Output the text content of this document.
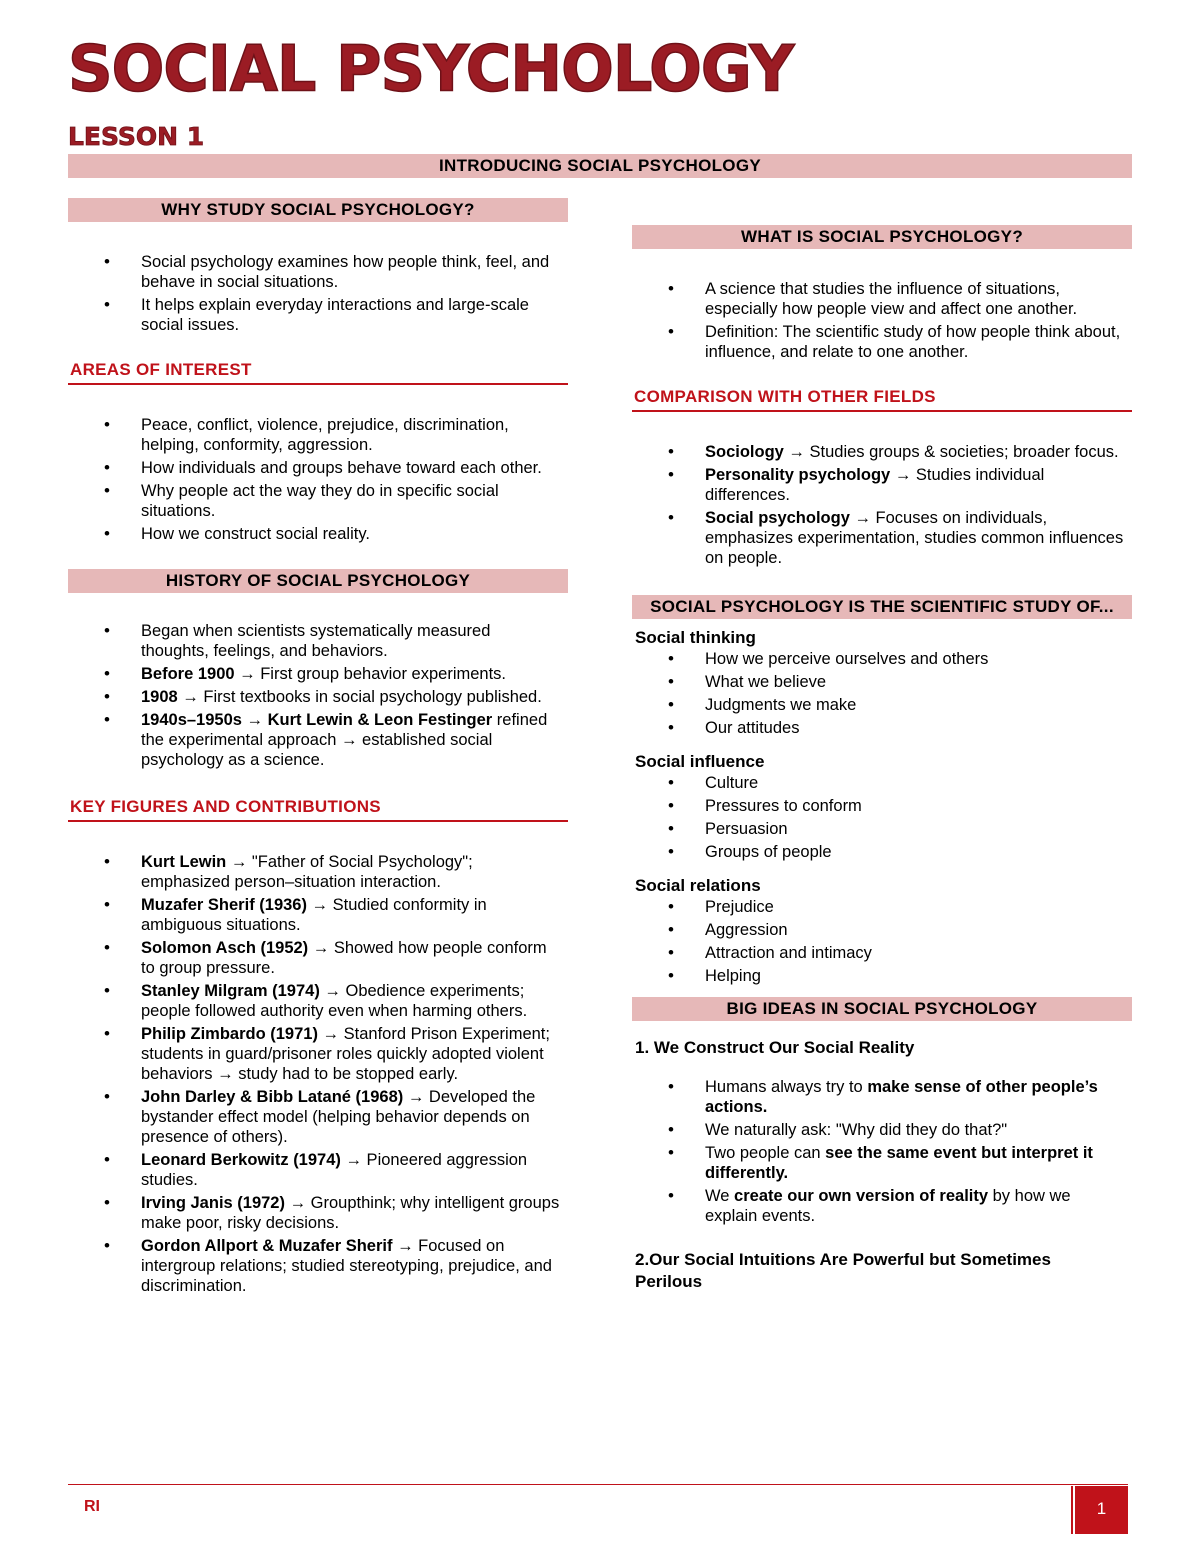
SOCIAL PSYCHOLOGY
LESSON 1
INTRODUCING SOCIAL PSYCHOLOGY
WHY STUDY SOCIAL PSYCHOLOGY?
• Social psychology examines how people think, feel, and behave in social situations.
• It helps explain everyday interactions and large-scale social issues.
AREAS OF INTEREST
• Peace, conflict, violence, prejudice, discrimination, helping, conformity, aggression.
• How individuals and groups behave toward each other.
• Why people act the way they do in specific social situations.
• How we construct social reality.
HISTORY OF SOCIAL PSYCHOLOGY
• Began when scientists systematically measured thoughts, feelings, and behaviors.
• Before 1900 → First group behavior experiments.
• 1908 → First textbooks in social psychology published.
• 1940s–1950s → Kurt Lewin & Leon Festinger refined the experimental approach → established social psychology as a science.
KEY FIGURES AND CONTRIBUTIONS
• Kurt Lewin → "Father of Social Psychology"; emphasized person–situation interaction.
• Muzafer Sherif (1936) → Studied conformity in ambiguous situations.
• Solomon Asch (1952) → Showed how people conform to group pressure.
• Stanley Milgram (1974) → Obedience experiments; people followed authority even when harming others.
• Philip Zimbardo (1971) → Stanford Prison Experiment; students in guard/prisoner roles quickly adopted violent behaviors → study had to be stopped early.
• John Darley & Bibb Latané (1968) → Developed the bystander effect model (helping behavior depends on presence of others).
• Leonard Berkowitz (1974) → Pioneered aggression studies.
• Irving Janis (1972) → Groupthink; why intelligent groups make poor, risky decisions.
• Gordon Allport & Muzafer Sherif → Focused on intergroup relations; studied stereotyping, prejudice, and discrimination.
WHAT IS SOCIAL PSYCHOLOGY?
• A science that studies the influence of situations, especially how people view and affect one another.
• Definition: The scientific study of how people think about, influence, and relate to one another.
COMPARISON WITH OTHER FIELDS
• Sociology → Studies groups & societies; broader focus.
• Personality psychology → Studies individual differences.
• Social psychology → Focuses on individuals, emphasizes experimentation, studies common influences on people.
SOCIAL PSYCHOLOGY IS THE SCIENTIFIC STUDY OF...
Social thinking
• How we perceive ourselves and others
• What we believe
• Judgments we make
• Our attitudes
Social influence
• Culture
• Pressures to conform
• Persuasion
• Groups of people
Social relations
• Prejudice
• Aggression
• Attraction and intimacy
• Helping
BIG IDEAS IN SOCIAL PSYCHOLOGY
1. We Construct Our Social Reality
• Humans always try to make sense of other people’s actions.
• We naturally ask: "Why did they do that?"
• Two people can see the same event but interpret it differently.
• We create our own version of reality by how we explain events.
2.Our Social Intuitions Are Powerful but Sometimes Perilous
RI	1
